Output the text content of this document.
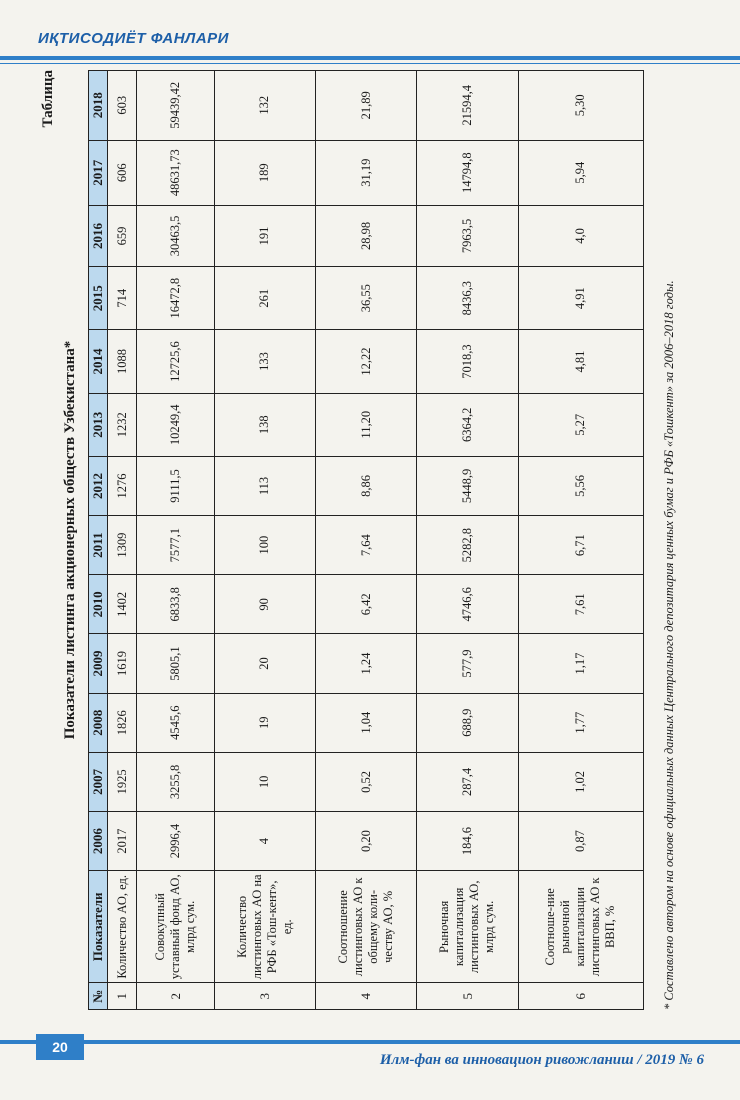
ИҚТИСОДИЁТ ФАНЛАРИ
Таблица
Показатели листинга акционерных обществ Узбекистана*
№	Показатели	2006	2007	2008	2009	2010	2011	2012	2013	2014	2015	2016	2017	2018
1	Количество АО, ед.	2017	1925	1826	1619	1402	1309	1276	1232	1088	714	659	606	603
2	Совокупный уставный фонд АО, млрд сум.	2996,4	3255,8	4545,6	5805,1	6833,8	7577,1	9111,5	10249,4	12725,6	16472,8	30463,5	48631,73	59439,42
3	Количество листинговых АО на РФБ «Тош-кент», ед.	4	10	19	20	90	100	113	138	133	261	191	189	132
4	Соотношение листинговых АО к общему коли-честву АО, %	0,20	0,52	1,04	1,24	6,42	7,64	8,86	11,20	12,22	36,55	28,98	31,19	21,89
5	Рыночная капитализация листинговых АО, млрд сум.	184,6	287,4	688,9	577,9	4746,6	5282,8	5448,9	6364,2	7018,3	8436,3	7963,5	14794,8	21594,4
6	Соотноше-ние рыночной капитализации листинговых АО к ВВП, %	0,87	1,02	1,77	1,17	7,61	6,71	5,56	5,27	4,81	4,91	4,0	5,94	5,30
* Составлено автором на основе официальных данных Центрального депозитария ценных бумаг и РФБ «Тошкент» за 2006–2018 годы.
20
Илм-фан ва инновацион ривожланиш / 2019 № 6
